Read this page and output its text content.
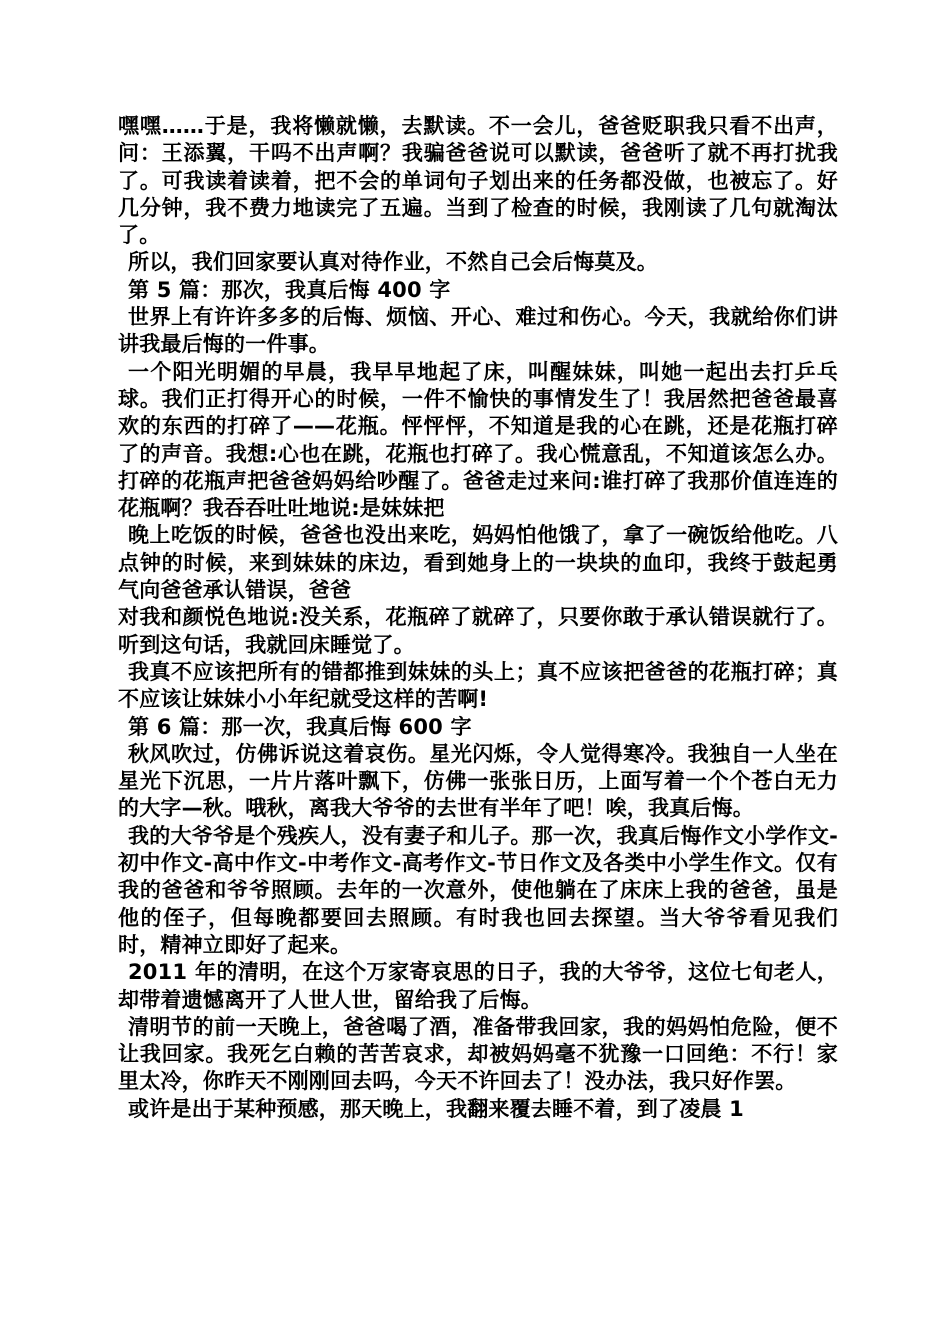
嘿嘿……于是，我将懒就懒，去默读。不一会儿，爸爸贬职我只看不出声，问：王添翼，干吗不出声啊？我骗爸爸说可以默读，爸爸听了就不再打扰我了。可我读着读着，把不会的单词句子划出来的任务都没做，也被忘了。好几分钟，我不费力地读完了五遍。当到了检查的时候，我刚读了几句就淘汰了。

所以，我们回家要认真对待作业，不然自己会后悔莫及。

第 5 篇：那次，我真后悔 400 字

世界上有许许多多的后悔、烦恼、开心、难过和伤心。今天，我就给你们讲讲我最后悔的一件事。

一个阳光明媚的早晨，我早早地起了床，叫醒妹妹，叫她一起出去打乒乓球。我们正打得开心的时候，一件不愉快的事情发生了！我居然把爸爸最喜欢的东西的打碎了——花瓶。怦怦怦，不知道是我的心在跳，还是花瓶打碎了的声音。我想:心也在跳，花瓶也打碎了。我心慌意乱，不知道该怎么办。打碎的花瓶声把爸爸妈妈给吵醒了。爸爸走过来问:谁打碎了我那价值连连的花瓶啊？我吞吞吐吐地说:是妹妹把

晚上吃饭的时候，爸爸也没出来吃，妈妈怕他饿了，拿了一碗饭给他吃。八点钟的时候，来到妹妹的床边，看到她身上的一块块的血印，我终于鼓起勇气向爸爸承认错误，爸爸

对我和颜悦色地说:没关系，花瓶碎了就碎了，只要你敢于承认错误就行了。听到这句话，我就回床睡觉了。

我真不应该把所有的错都推到妹妹的头上；真不应该把爸爸的花瓶打碎；真不应该让妹妹小小年纪就受这样的苦啊!

第 6 篇：那一次，我真后悔 600 字

秋风吹过，仿佛诉说这着哀伤。星光闪烁，令人觉得寒冷。我独自一人坐在星光下沉思，一片片落叶飘下，仿佛一张张日历，上面写着一个个苍白无力的大字—秋。哦秋，离我大爷爷的去世有半年了吧！唉，我真后悔。

我的大爷爷是个残疾人，没有妻子和儿子。那一次，我真后悔作文小学作文-初中作文-高中作文-中考作文-高考作文-节日作文及各类中小学生作文。仅有我的爸爸和爷爷照顾。去年的一次意外，使他躺在了床床上我的爸爸，虽是他的侄子，但每晚都要回去照顾。有时我也回去探望。当大爷爷看见我们时，精神立即好了起来。

2011 年的清明，在这个万家寄哀思的日子，我的大爷爷，这位七旬老人，却带着遗憾离开了人世人世，留给我了后悔。

清明节的前一天晚上，爸爸喝了酒，准备带我回家，我的妈妈怕危险，便不让我回家。我死乞白赖的苦苦哀求，却被妈妈毫不犹豫一口回绝：不行！家里太冷，你昨天不刚刚回去吗，今天不许回去了！没办法，我只好作罢。

或许是出于某种预感，那天晚上，我翻来覆去睡不着，到了凌晨 1
